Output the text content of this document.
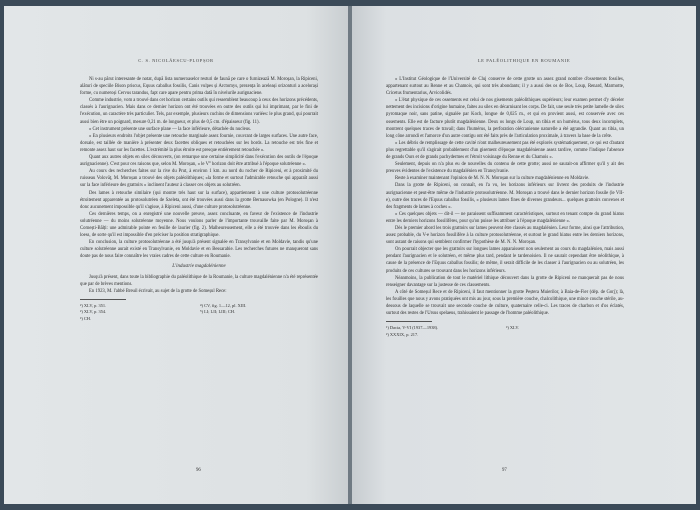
C. S. NICOLĂESCU-PLOPȘOR

Ni s-au părut interesante de notat, după lista numeroaselor resturi de faună pe care o furnizează M. Moroșan, la Ripiceni, alături de speciile Bison priscus, Equus caballus fossilis, Canis vulpes și Arctomys, prezența în aceleași orizonturi a acelorași forme, cu numeroși Cervus tarandus, fapt care apare pentru prima dată în nivelurile aurignaciene.

Comme industrie, vom a trouvé dans cet horizon certains outils qui ressemblent beaucoup à ceux des horizons précédents, classés à l'aurignacien. Mais dans ce dernier horizon ont été trouvées en outre des outils qui lui imprimant, par le fini de l'exécution, un caractère très particulier. Tels, par exemple, plusieurs cuchins de dimensions variées: le plus grand, qui pourrait aussi bien être un poignard, mesure 0,21 m. de longueur, et plus de 0,5 cm. d'épaisseur (fig. 11).

« Cet instrument présente une surface plane — la face inférieure, détachée du nucleus.

« En plusieurs endroits l'objet présente une retouche marginale assez fournie, couvrant de larges surfaces. Une autre face, dorsale, est taillée de manière à présenter deux facettes obliques et retouchées sur les bords. La retouche est très fine et remonte assez haut sur les facettes. L'extrémité la plus étroite est presque entièrement retouchée ».

Quant aux autres objets en silex découverts, (on remarque une certaine simplicité dans l'exécution des outils de l'époque aurignacienne). C'est pour ces raisons que, selon M. Moroșan, « le V° horizon doit être attribué à l'époque solutréenne ».

Au cours des recherches faites sur la rive du Prut, à environ 1 km. au nord du rocher de Ripiceni, et à proximité du ruisseau Volovăț, M. Moroșan a trouvé des objets paléolithiques; «la forme et surtout l'admirable retouche qui apparaît aussi sur la face inférieure des grattoirs » inclinent l'auteur à classer ces objets au solutréen.

Des lames à retouche similaire (qui montre très haut sur la surface), appartiennent à une culture protosolutréenne étroitement apparentée au protosolutréen de Szeleta, ont été trouvées aussi dans la grotte Bernasowka (en Pologne). Il n'est donc aucunement impossible qu'il s'agisse, à Ripiceni aussi, d'une culture protosolutréenne.

Ces dernières temps, on a enregistré une nouvelle preuve, assez concluante, en faveur de l'existence de l'industrie solutréenne — du moins solutréenne moyenne. Nous voulons parler de l'importante trouvaille faite par M. Moroșan à Cornești-Bălți: une admirable pointe en feuille de laurier (fig. 2). Malheureusement, elle a été trouvée dans les éboulis du loess, de sorte qu'il est impossible d'en préciser la position stratigraphique.

En conclusion, la culture protosolutréenne a été jusqu'à présent signalée en Transylvanie et en Moldavie, tandis qu'une culture solutréenne aurait existé en Transylvanie, en Moldavie et en Bessarabie. Les recherches futures ne manqueront sans doute pas de nous faire connaître les vraies cadres de cette culture en Roumanie.

L'industrie magdalénienne

Jusqu'à présent, dans toute la bibliographie du paléolithique de la Roumanie, la culture magdalénienne n'a été représentée que par de brèves mentions.

En 1923, M. l'abbé Breuil écrivait, au sujet de la grotte de Someșul Rece:

²) XLV, p. 351.
²) XLV, p. 354.
³) CH.
⁴) CV, fig. 1—12, pl. XIII.
⁵) LI; LII; LIII; CH.
96
LE PALÉOLITHIQUE EN ROUMANIE

« L'Institut Géologique de l'Université de Cluj conserve de cette grotte un assez grand nombre d'ossements fossiles, appartenant surtout au Renne et au Chamois, qui sont très abondants; il y a aussi des os de Bos, Loup, Renard, Marmotte, Cricetus frumentarius, Arvicolidés.

« L'état physique de ces ossements est celui de nos gisements paléolithiques supérieurs; leur examen permet d'y déceler nettement des incisions d'origine humaine, faites au silex en décarnisant les corps. De fait, une seule très petite lamelle de silex pyromaque noir, sans patine, signalée par Koch, longue de 0,025 m., et qui en provient aussi, est conservée avec ces ossements. Elle est de facture plutôt magdalénienne. Deux os longs de Loup, un tibia et un humérus, tous deux incomplets, montrent quelques traces de travail; dans l'humérus, la perforation olécranienne naturelle a été agrandie. Quant au tibia, un long cône arrondi et l'amorce d'un autre contigu ont été faits près de l'articulation proximale, à travers la base de la crête.

« Les débris de remplissage de cette cavité n'ont malheureusement pas été explorés systématiquement, ce qui est d'autant plus regrettable qu'il s'agirait probablement d'un gisement d'époque magdalénienne assez tardive, comme l'indique l'absence de grands Ours et de grands pachydermes et l'étroit voisinage du Renne et du Chamois ».

Seulement, depuis on n'a plus eu de nouvelles du contenu de cette grotte; aussi ne saurait-on affirmer qu'il y ait des preuves évidentes de l'existence du magdalénien en Transylvanie.

Reste à examiner maintenant l'opinion de M. N. N. Moroșan sur la culture magdalénienne en Moldavie.

Dans la grotte de Ripiceni, on connaît, en l'a vu, les horizons inférieurs sur livrent des produits de l'industrie aurignacienne et peut-être même de l'industrie protosolutréenne. M. Moroșan a trouvé dans le dernier horizon fossile (le VII-e), outre des traces de l'Equus caballus fossilis, « plusieurs lames fines de diverses grandeurs... quelques grattoirs convexes et des fragments de lames à coches ».

« Ces quelques objets — dit-il — ne paraissent suffisamment caractéristiques, surtout en tenant compte du grand hiatus entre les derniers horizons fossilifères, pour qu'on puisse les attribuer à l'époque magdalénienne ».

Dès le premier abord les trois grattoirs sur lames peuvent être classés au magdalénien. Leur forme, ainsi que l'attribution, assez probable, du V-e horizon fossilifère à la culture protosolutréenne, et surtout le grand hiatus entre les derniers horizons, sont autant de raisons qui semblent confirmer l'hypothèse de M. N. N. Moroșan.

On pourrait objecter que les grattoirs sur longues lames apparaissent non seulement au cours du magdalénien, mais aussi pendant l'aurignacien et le solutréen, et même plus tard, pendant le tardenoisien. Il ne saurait cependant être néolithique, à cause de la présence de l'Equus caballus fossilis; de même, il serait difficile de les classer à l'aurignacien ou au solutréen, les produits de ces cultures se trouvant dans les horizons inférieurs.

Néanmoins, la publication de tout le matériel lithique découvert dans la grotte de Ripiceni ne manquerait pas de nous renseigner davantage sur la justesse de ces classements.

A côté de Someșul Rece et de Ripiceni, il faut mentionner la grotte Peștera Muierilor, à Baia-de-Fier (dép. de Gorj); là, les fouilles que nous y avons pratiquées ont mis au jour, sous la première couche, chalcolithique, une mince couche stérile, au-dessous de laquelle se trouvait une seconde couche de culture, quaternaire celle-ci. Les traces de charbon et d'os éclatés, surtout des restes de l'Ursus spelaeus, trahissaient le passage de l'homme paléolithique.

¹) Dacia, V-VI (1937—1938).
²) XXXIX, p. 217.
³) XLV.
97
